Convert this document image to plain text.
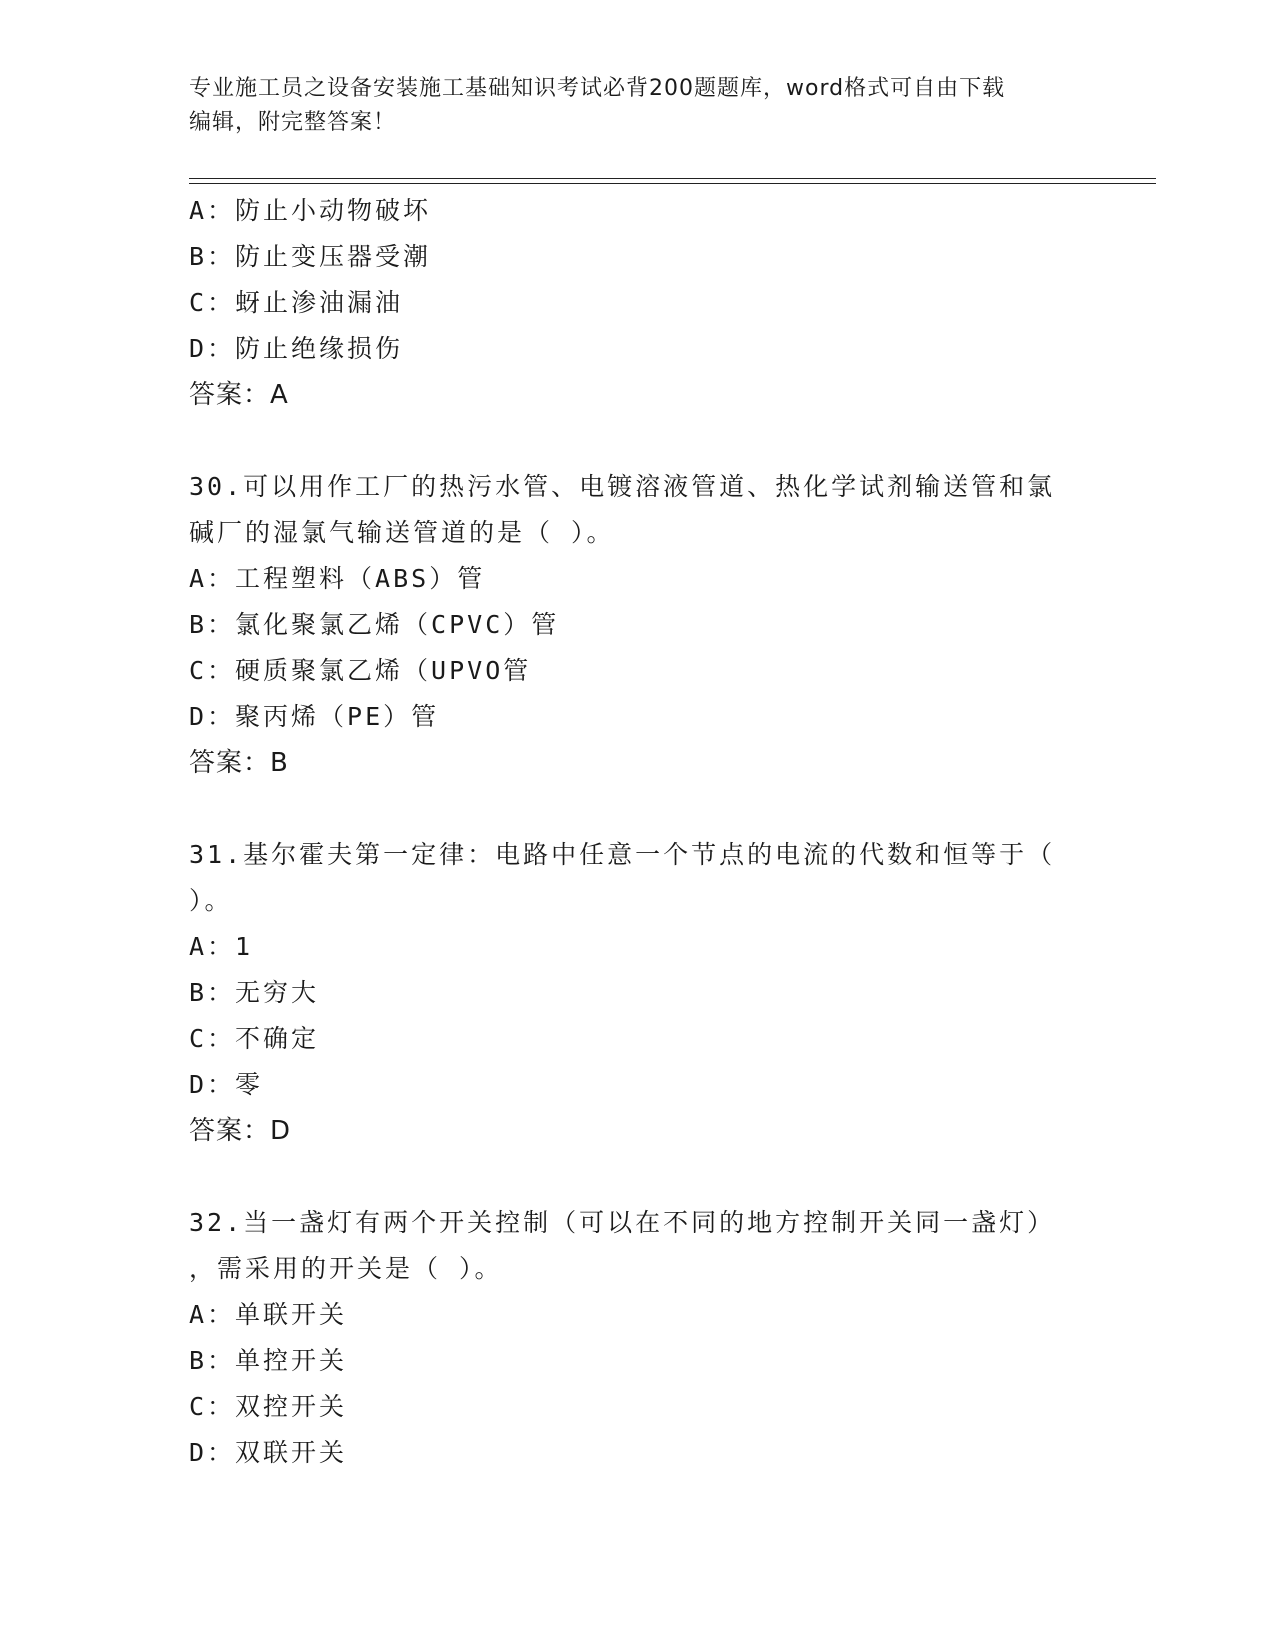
专业施工员之设备安装施工基础知识考试必背200题题库，word格式可自由下载
编辑，附完整答案！
A：防止小动物破坏
B：防止变压器受潮
C：蚜止渗油漏油
D：防止绝缘损伤
答案：A
30.可以用作工厂的热污水管、电镀溶液管道、热化学试剂输送管和氯
碱厂的湿氯气输送管道的是（ ）。
A：工程塑料（ABS）管
B：氯化聚氯乙烯（CPVC）管
C：硬质聚氯乙烯（UPVO管
D：聚丙烯（PE）管
答案：B
31.基尔霍夫第一定律：电路中任意一个节点的电流的代数和恒等于（
）。
A：1
B：无穷大
C：不确定
D：零
答案：D
32.当一盏灯有两个开关控制（可以在不同的地方控制开关同一盏灯）
，需采用的开关是（ ）。
A：单联开关
B：单控开关
C：双控开关
D：双联开关
